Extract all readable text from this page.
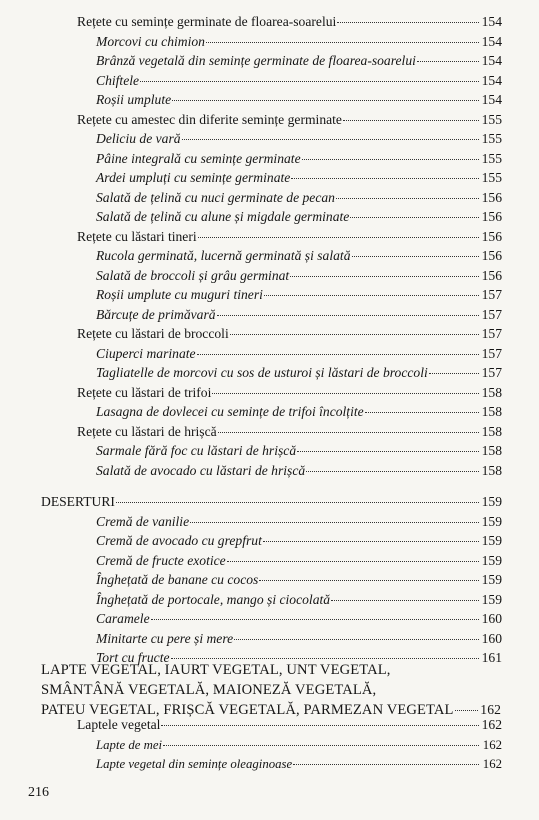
Rețete cu semințe germinate de floarea-soarelui	154
Morcovi cu chimion	154
Brânză vegetală din semințe germinate de floarea-soarelui	154
Chiftele	154
Roșii umplute	154
Rețete cu amestec din diferite semințe germinate	155
Deliciu de vară	155
Pâine integrală cu semințe germinate	155
Ardei umpluți cu semințe germinate	155
Salată de țelină cu nuci germinate de pecan	156
Salată de țelină cu alune și migdale germinate	156
Rețete cu lăstari tineri	156
Rucola germinată, lucernă germinată și salată	156
Salată de broccoli și grâu germinat	156
Roșii umplute cu muguri tineri	157
Bărcuțe de primăvară	157
Rețete cu lăstari de broccoli	157
Ciuperci marinate	157
Tagliatelle de morcovi cu sos de usturoi și lăstari de broccoli	157
Rețete cu lăstari de trifoi	158
Lasagna de dovlecei cu semințe de trifoi încolțite	158
Rețete cu lăstari de hrișcă	158
Sarmale fără foc cu lăstari de hrișcă	158
Salată de avocado cu lăstari de hrișcă	158
DESERTURI	159
Cremă de vanilie	159
Cremă de avocado cu grepfrut	159
Cremă de fructe exotice	159
Înghețată de banane cu cocos	159
Înghețată de portocale, mango și ciocolată	159
Caramele	160
Minitarte cu pere și mere	160
Tort cu fructe	161
Laptele vegetal	162
Lapte de mei	162
Lapte vegetal din semințe oleaginoase	162
LAPTE VEGETAL, IAURT VEGETAL, UNT VEGETAL,
SMÂNTÂNĂ VEGETALĂ, MAIONEZĂ VEGETALĂ,
PATEU VEGETAL, FRIȘCĂ VEGETALĂ, PARMEZAN VEGETAL 162
216
